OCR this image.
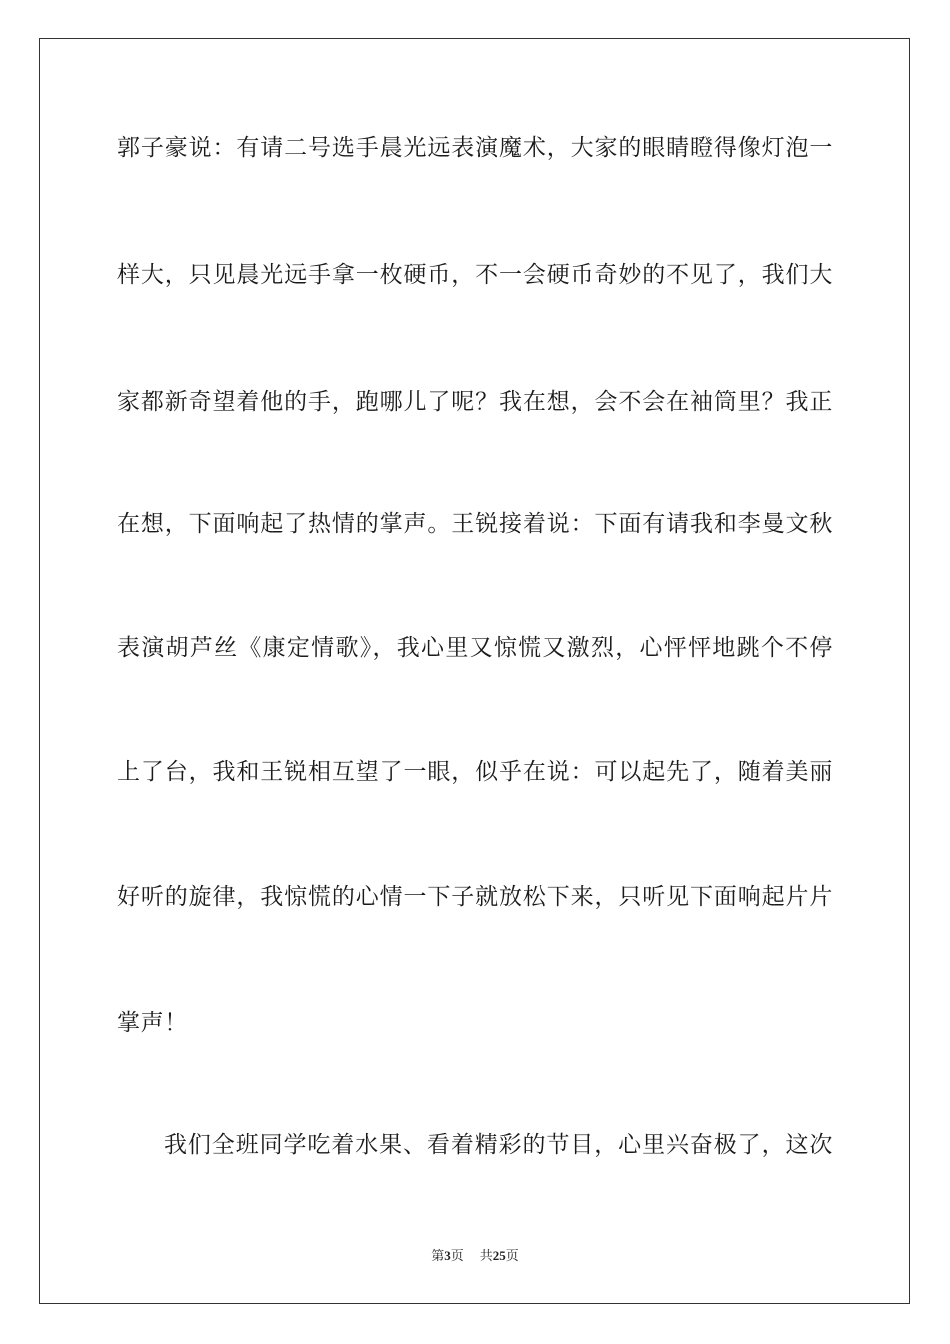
郭子豪说：有请二号选手晨光远表演魔术，大家的眼睛瞪得像灯泡一
样大，只见晨光远手拿一枚硬币，不一会硬币奇妙的不见了，我们大
家都新奇望着他的手，跑哪儿了呢？我在想，会不会在袖筒里？我正
在想，下面响起了热情的掌声。王锐接着说：下面有请我和李曼文秋
表演胡芦丝《康定情歌》，我心里又惊慌又激烈，心怦怦地跳个不停
上了台，我和王锐相互望了一眼，似乎在说：可以起先了，随着美丽
好听的旋律，我惊慌的心情一下子就放松下来，只听见下面响起片片
掌声！
我们全班同学吃着水果、看着精彩的节目，心里兴奋极了，这次
第3页 共25页
